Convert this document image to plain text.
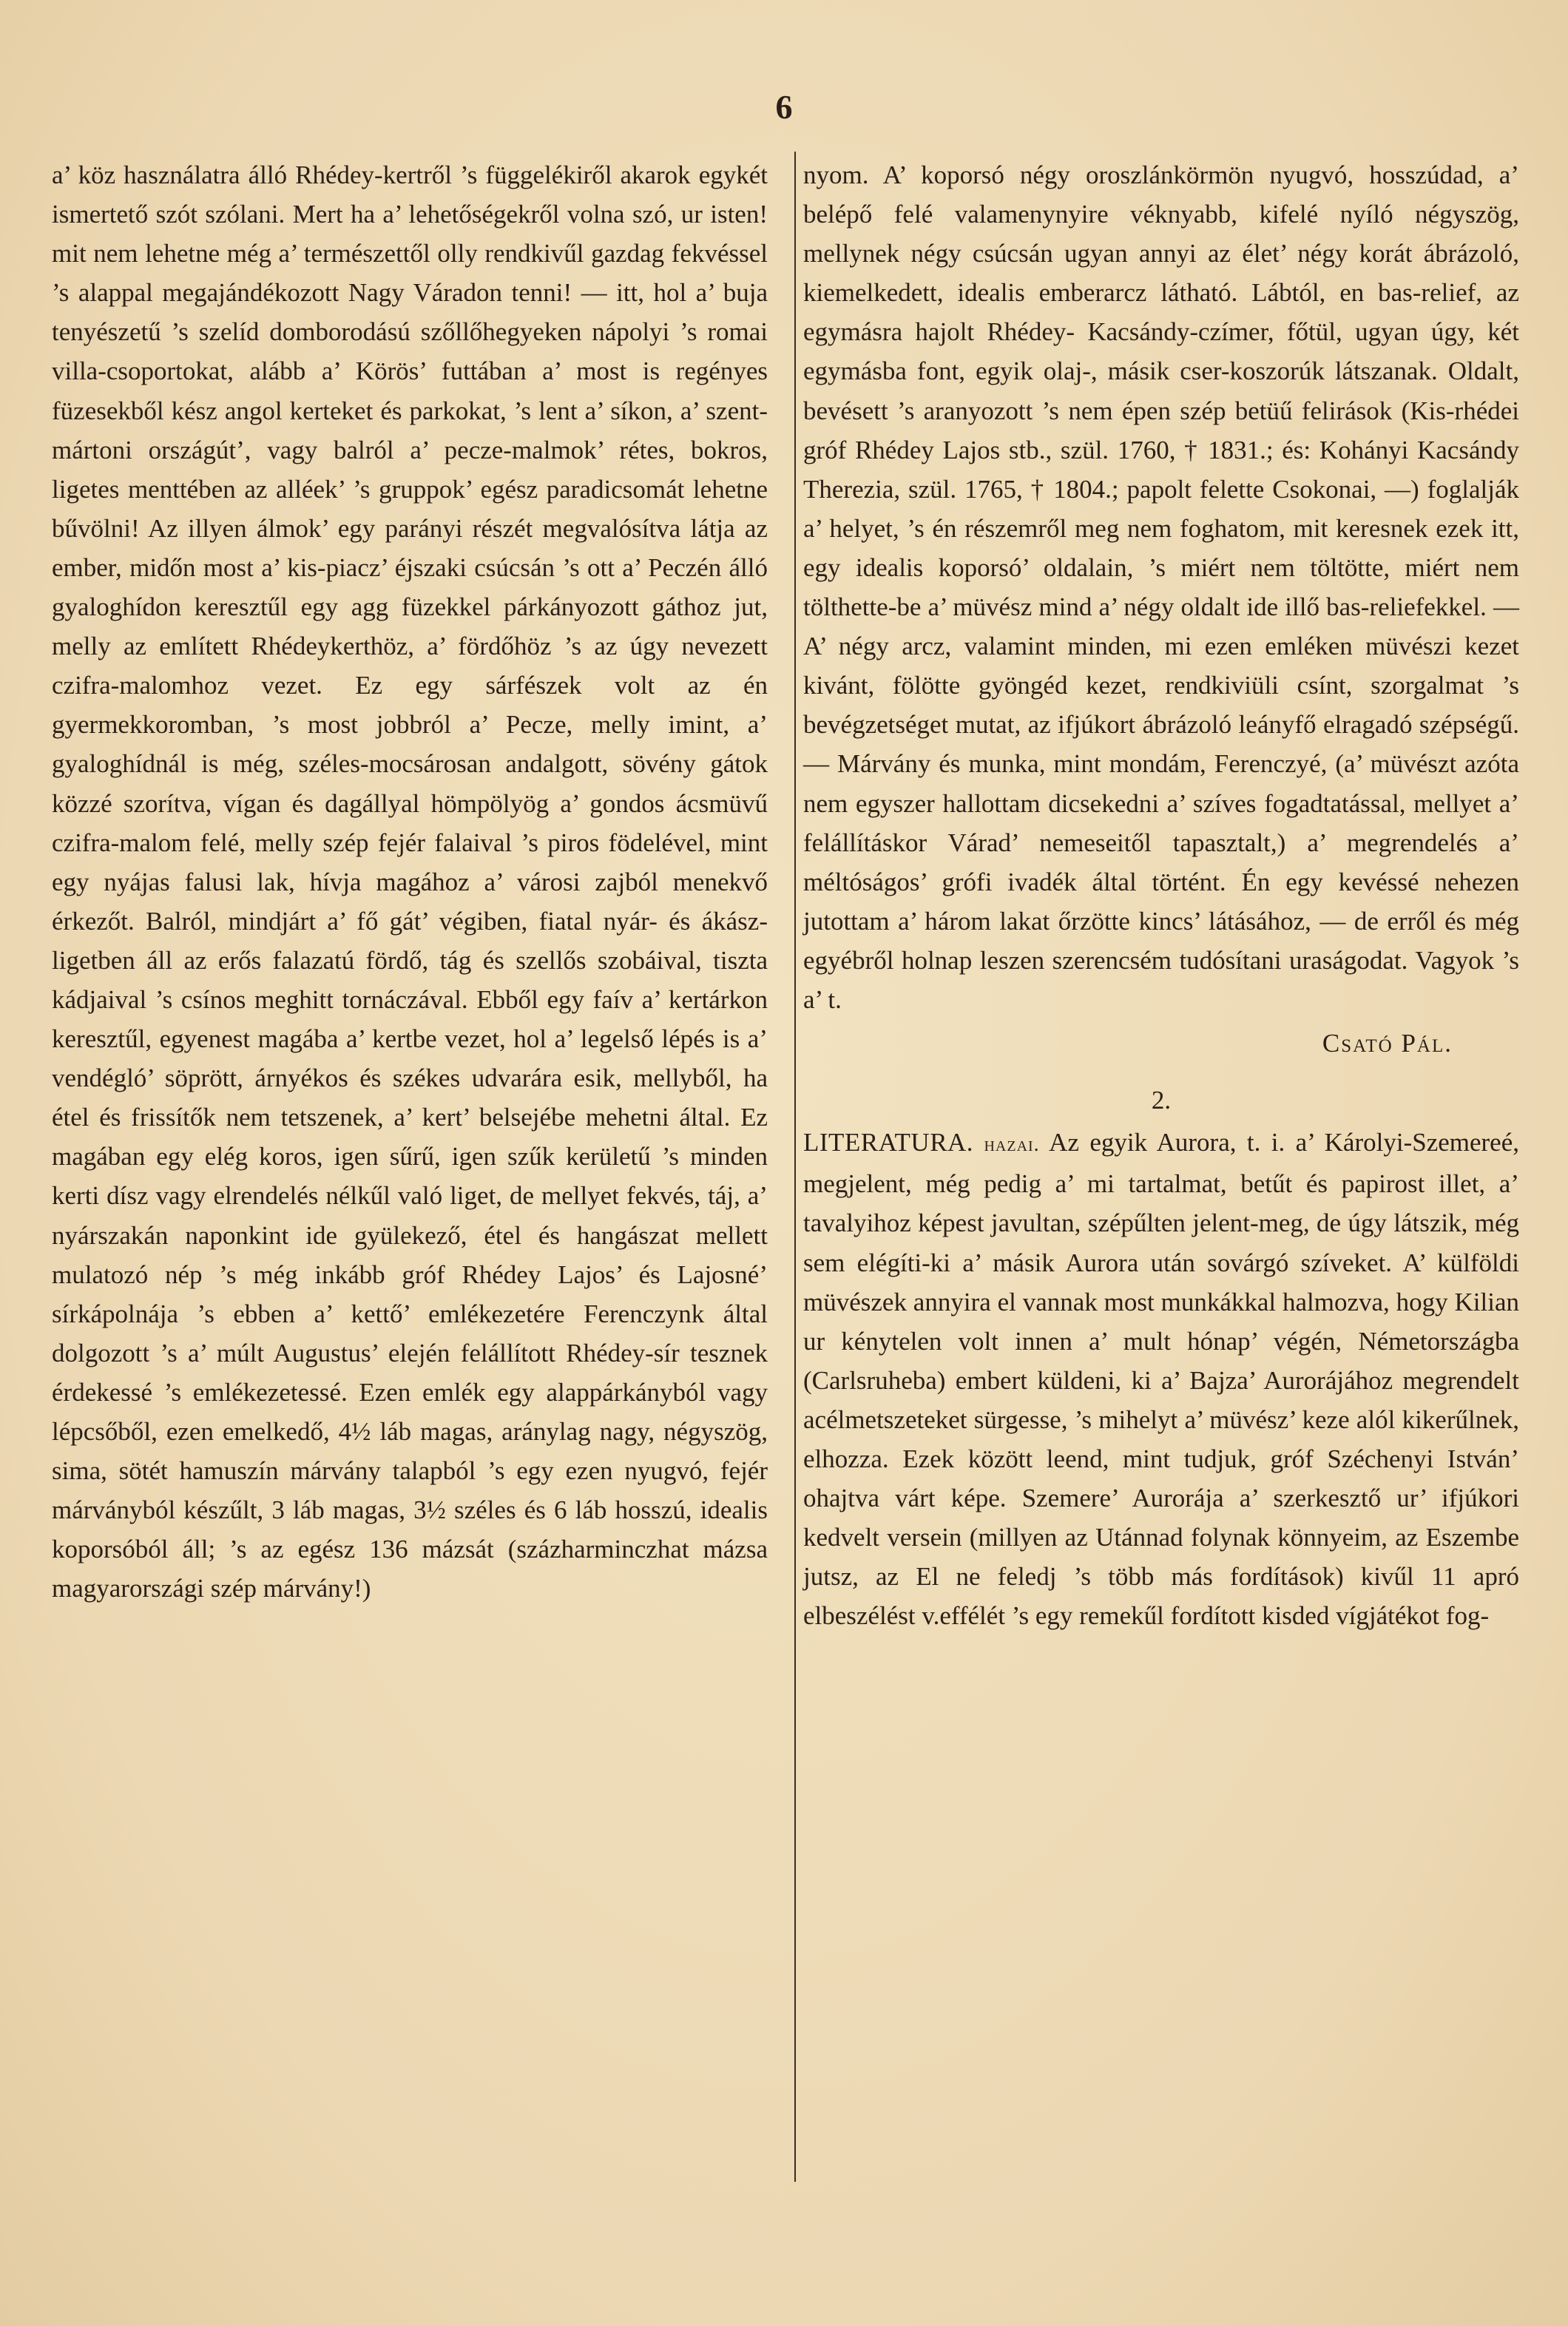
6

a’ köz használatra álló Rhédey-kertről ’s függelékiről akarok egykét ismertető szót szólani. Mert ha a’ lehetőségekről volna szó, ur isten! mit nem lehetne még a’ természettől olly rendkivűl gazdag fekvéssel ’s alappal megajándékozott Nagy Váradon tenni! — itt, hol a’ buja tenyészetű ’s szelíd domborodású szőllőhegyeken nápolyi ’s romai villa-csoportokat, alább a’ Körös’ futtában a’ most is regényes füzesekből kész angol kerteket és parkokat, ’s lent a’ síkon, a’ szent-mártoni országút’, vagy balról a’ pecze-malmok’ rétes, bokros, ligetes menttében az alléek’ ’s gruppok’ egész paradicsomát lehetne bűvölni! Az illyen álmok’ egy parányi részét megvalósítva látja az ember, midőn most a’ kis-piacz’ éjszaki csúcsán ’s ott a’ Peczén álló gyaloghídon keresztűl egy agg füzekkel párkányozott gáthoz jut, melly az említett Rhédeykerthöz, a’ fördőhöz ’s az úgy nevezett czifra-malomhoz vezet. Ez egy sárfészek volt az én gyermekkoromban, ’s most jobbról a’ Pecze, melly imint, a’ gyaloghídnál is még, széles-mocsárosan andalgott, sövény gátok közzé szorítva, vígan és dagállyal hömpölyög a’ gondos ácsmüvű czifra-malom felé, melly szép fejér falaival ’s piros födelével, mint egy nyájas falusi lak, hívja magához a’ városi zajból menekvő érkezőt. Balról, mindjárt a’ fő gát’ végiben, fiatal nyár- és ákász-ligetben áll az erős falazatú fördő, tág és szellős szobáival, tiszta kádjaival ’s csínos meghitt tornáczával. Ebből egy faív a’ kertárkon keresztűl, egyenest magába a’ kertbe vezet, hol a’ legelső lépés is a’ vendégló’ söprött, árnyékos és székes udvarára esik, mellyből, ha étel és frissítők nem tetszenek, a’ kert’ belsejébe mehetni által. Ez magában egy elég koros, igen sűrű, igen szűk kerületű ’s minden kerti dísz vagy elrendelés nélkűl való liget, de mellyet fekvés, táj, a’ nyárszakán naponkint ide gyülekező, étel és hangászat mellett mulatozó nép ’s még inkább gróf Rhédey Lajos’ és Lajosné’ sírkápolnája ’s ebben a’ kettő’ emlékezetére Ferenczynk által dolgozott ’s a’ múlt Augustus’ elején felállított Rhédey-sír tesznek érdekessé ’s emlékezetessé. Ezen emlék egy alappárkányból vagy lépcsőből, ezen emelkedő, 4½ láb magas, aránylag nagy, négyszög, sima, sötét hamuszín márvány talapból ’s egy ezen nyugvó, fejér márványból készűlt, 3 láb magas, 3½ széles és 6 láb hosszú, idealis koporsóból áll; ’s az egész 136 mázsát (százharminczhat mázsa magyarországi szép márvány!)

nyom. A’ koporsó négy oroszlánkörmön nyugvó, hosszúdad, a’ belépő felé valamenynyire véknyabb, kifelé nyíló négyszög, mellynek négy csúcsán ugyan annyi az élet’ négy korát ábrázoló, kiemelkedett, idealis emberarcz látható. Lábtól, en bas-relief, az egymásra hajolt Rhédey- Kacsándy-czímer, főtül, ugyan úgy, két egymásba font, egyik olaj-, másik cser-koszorúk látszanak. Oldalt, bevésett ’s aranyozott ’s nem épen szép betüű felirások (Kis-rhédei gróf Rhédey Lajos stb., szül. 1760, † 1831.; és: Kohányi Kacsándy Therezia, szül. 1765, † 1804.; papolt felette Csokonai, —) foglalják a’ helyet, ’s én részemről meg nem foghatom, mit keresnek ezek itt, egy idealis koporsó’ oldalain, ’s miért nem töltötte, miért nem tölthette-be a’ müvész mind a’ négy oldalt ide illő bas-reliefekkel. — A’ négy arcz, valamint minden, mi ezen emléken müvészi kezet kivánt, fölötte gyöngéd kezet, rendkiviüli csínt, szorgalmat ’s bevégzetséget mutat, az ifjúkort ábrázoló leányfő elragadó szépségű. — Márvány és munka, mint mondám, Ferenczyé, (a’ müvészt azóta nem egyszer hallottam dicsekedni a’ szíves fogadtatással, mellyet a’ felállításkor Várad’ nemeseitől tapasztalt,) a’ megrendelés a’ méltóságos’ grófi ivadék által történt. Én egy kevéssé nehezen jutottam a’ három lakat őrzötte kincs’ látásához, — de erről és még egyébről holnap leszen szerencsém tudósítani uraságodat. Vagyok ’s a’ t.

Csató Pál.
2.

LITERATURA. hazai. Az egyik Aurora, t. i. a’ Károlyi-Szemereé, megjelent, még pedig a’ mi tartalmat, betűt és papirost illet, a’ tavalyihoz képest javultan, szépűlten jelent-meg, de úgy látszik, még sem elégíti-ki a’ másik Aurora után sovárgó szíveket. A’ külföldi müvészek annyira el vannak most munkákkal halmozva, hogy Kilian ur kénytelen volt innen a’ mult hónap’ végén, Németországba (Carlsruheba) embert küldeni, ki a’ Bajza’ Aurorájához megrendelt acélmetszeteket sürgesse, ’s mihelyt a’ müvész’ keze alól kikerűlnek, elhozza. Ezek között leend, mint tudjuk, gróf Széchenyi István’ ohajtva várt képe. Szemere’ Aurorája a’ szerkesztő ur’ ifjúkori kedvelt versein (millyen az Utánnad folynak könnyeim, az Eszembe jutsz, az El ne feledj ’s több más fordítások) kivűl 11 apró elbeszélést v.effélét ’s egy remekűl fordított kisded vígjátékot fog-
